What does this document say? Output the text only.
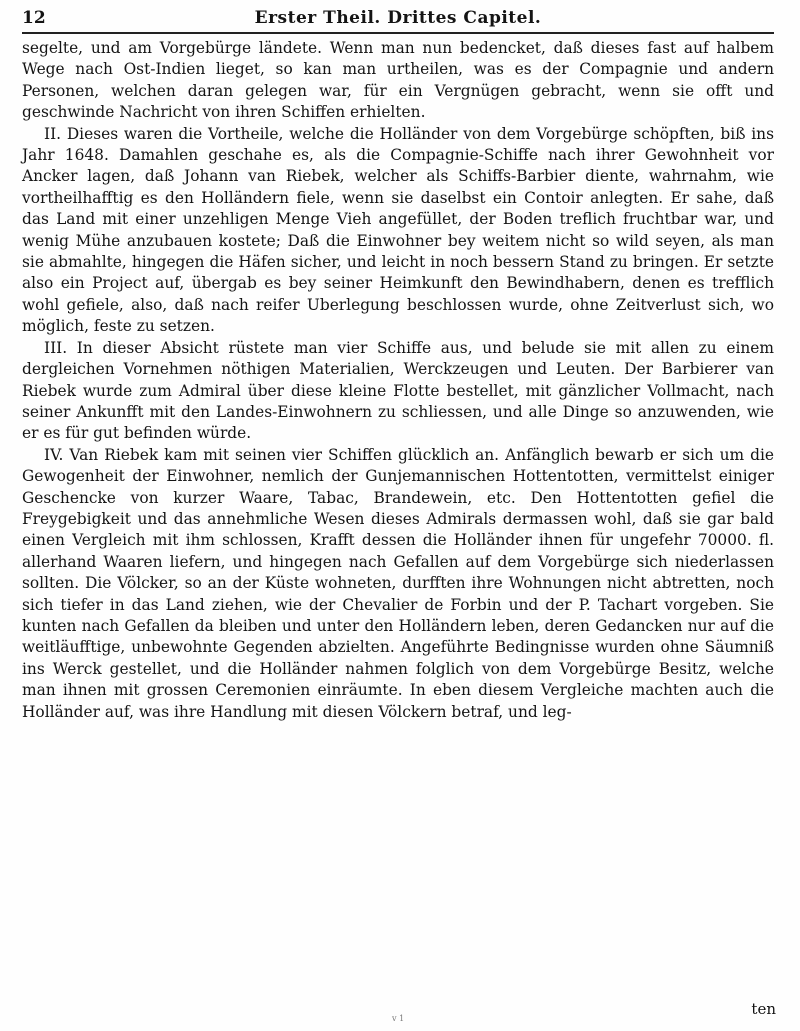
12	Erster Theil. Drittes Capitel.

segelte, und am Vorgebürge ländete. Wenn man nun bedencket, daß dieses fast auf halbem Wege nach Ost-Indien lieget, so kan man urtheilen, was es der Compagnie und andern Personen, welchen daran gelegen war, für ein Vergnügen gebracht, wenn sie offt und geschwinde Nachricht von ihren Schiffen erhielten.

II. Dieses waren die Vortheile, welche die Holländer von dem Vorgebürge schöpften, biß ins Jahr 1648. Damahlen geschahe es, als die Compagnie-Schiffe nach ihrer Gewohnheit vor Ancker lagen, daß Johann van Riebek, welcher als Schiffs-Barbier diente, wahrnahm, wie vortheilhafftig es den Holländern fiele, wenn sie daselbst ein Contoir anlegten. Er sahe, daß das Land mit einer unzehligen Menge Vieh angefüllet, der Boden treflich fruchtbar war, und wenig Mühe anzubauen kostete; Daß die Einwohner bey weitem nicht so wild seyen, als man sie abmahlte, hingegen die Häfen sicher, und leicht in noch bessern Stand zu bringen. Er setzte also ein Project auf, übergab es bey seiner Heimkunft den Bewindhabern, denen es trefflich wohl gefiele, also, daß nach reifer Uberlegung beschlossen wurde, ohne Zeitverlust sich, wo möglich, feste zu setzen.

III. In dieser Absicht rüstete man vier Schiffe aus, und belude sie mit allen zu einem dergleichen Vornehmen nöthigen Materialien, Werckzeugen und Leuten. Der Barbierer van Riebek wurde zum Admiral über diese kleine Flotte bestellet, mit gänzlicher Vollmacht, nach seiner Ankunfft mit den Landes-Einwohnern zu schliessen, und alle Dinge so anzuwenden, wie er es für gut befinden würde.

IV. Van Riebek kam mit seinen vier Schiffen glücklich an. Anfänglich bewarb er sich um die Gewogenheit der Einwohner, nemlich der Gunjemannischen Hottentotten, vermittelst einiger Geschencke von kurzer Waare, Tabac, Brandewein, etc. Den Hottentotten gefiel die Freygebigkeit und das annehmliche Wesen dieses Admirals dermassen wohl, daß sie gar bald einen Vergleich mit ihm schlossen, Krafft dessen die Holländer ihnen für ungefehr 70000. fl. allerhand Waaren liefern, und hingegen nach Gefallen auf dem Vorgebürge sich niederlassen sollten. Die Völcker, so an der Küste wohneten, durfften ihre Wohnungen nicht abtretten, noch sich tiefer in das Land ziehen, wie der Chevalier de Forbin und der P. Tachart vorgeben. Sie kunten nach Gefallen da bleiben und unter den Holländern leben, deren Gedancken nur auf die weitläufftige, unbewohnte Gegenden abzielten. Angeführte Bedingnisse wurden ohne Säumniß ins Werck gestellet, und die Holländer nahmen folglich von dem Vorgebürge Besitz, welche man ihnen mit grossen Ceremonien einräumte. In eben diesem Vergleiche machten auch die Holländer auf, was ihre Handlung mit diesen Völckern betraf, und leg-

ten
v 1
